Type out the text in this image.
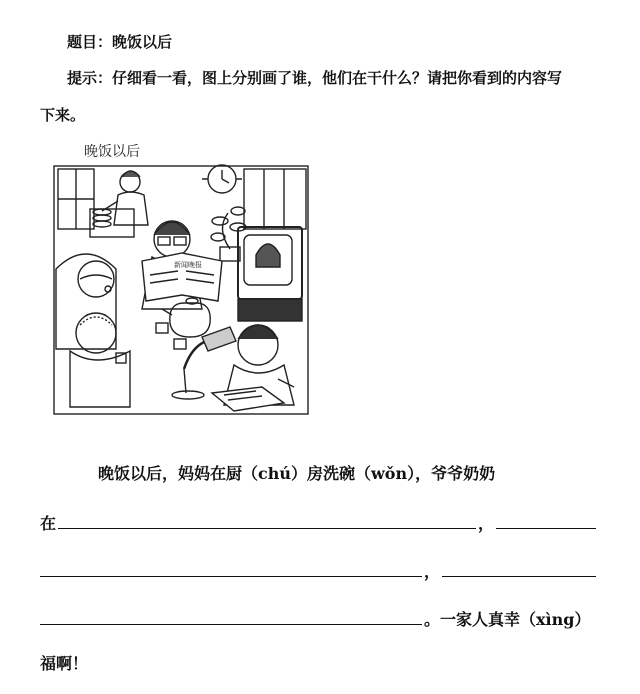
题目：晚饭以后
提示：仔细看一看，图上分别画了谁，他们在干什么？请把你看到的内容写
下来。
晚饭以后
新闻晚报
晚饭以后，妈妈在厨（chú）房洗碗（wǒn），爷爷奶奶
在	，
，
。一家人真幸（xìng）
福啊！
